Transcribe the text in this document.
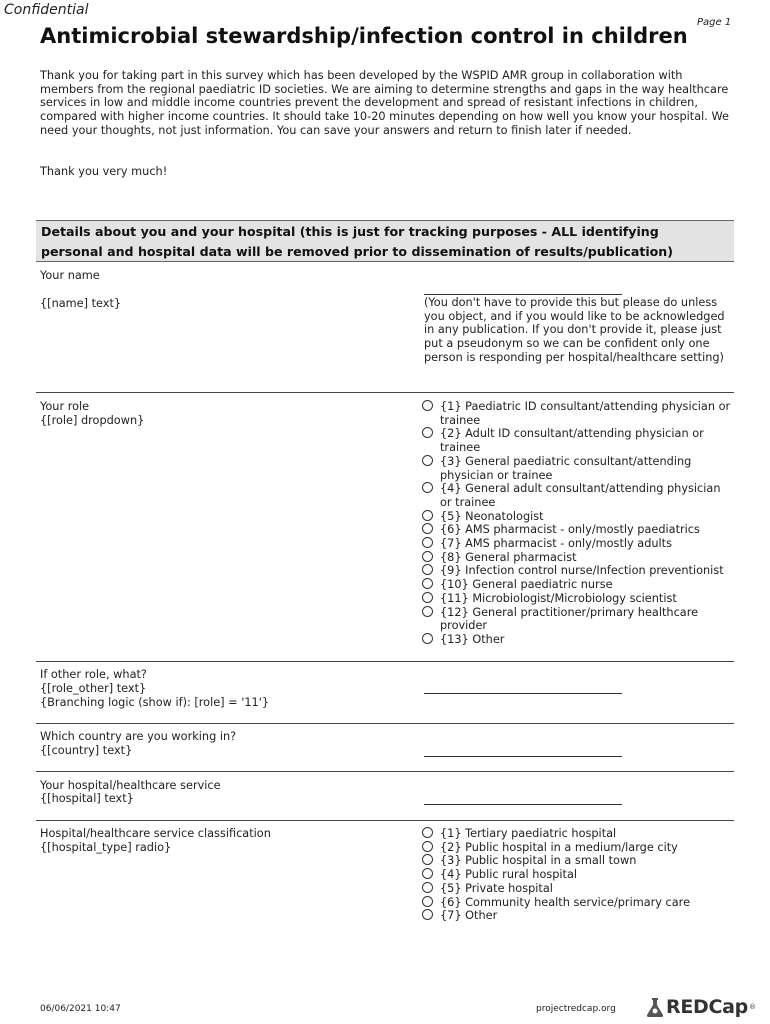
Confidential
Page 1
Antimicrobial stewardship/infection control in children
Thank you for taking part in this survey which has been developed by the WSPID AMR group in collaboration with members from the regional paediatric ID societies. We are aiming to determine strengths and gaps in the way healthcare services in low and middle income countries prevent the development and spread of resistant infections in children, compared with higher income countries. It should take 10-20 minutes depending on how well you know your hospital. We need your thoughts, not just information. You can save your answers and return to finish later if needed.
Thank you very much!
Details about you and your hospital (this is just for tracking purposes - ALL identifying
personal and hospital data will be removed prior to dissemination of results/publication)
Your name
{[name] text}	(You don't have to provide this but please do unless you object, and if you would like to be acknowledged in any publication. If you don't provide it, please just put a pseudonym so we can be confident only one person is responding per hospital/healthcare setting)
Your role
{[role] dropdown}
{1} Paediatric ID consultant/attending physician or trainee
{2} Adult ID consultant/attending physician or trainee
{3} General paediatric consultant/attending physician or trainee
{4} General adult consultant/attending physician or trainee
{5} Neonatologist
{6} AMS pharmacist - only/mostly paediatrics
{7} AMS pharmacist - only/mostly adults
{8} General pharmacist
{9} Infection control nurse/Infection preventionist
{10} General paediatric nurse
{11} Microbiologist/Microbiology scientist
{12} General practitioner/primary healthcare provider
{13} Other
If other role, what?
{[role_other] text}
{Branching logic (show if): [role] = '11'}
Which country are you working in?
{[country] text}
Your hospital/healthcare service
{[hospital] text}
Hospital/healthcare service classification
{[hospital_type] radio}
{1} Tertiary paediatric hospital
{2} Public hospital in a medium/large city
{3} Public hospital in a small town
{4} Public rural hospital
{5} Private hospital
{6} Community health service/primary care
{7} Other
06/06/2021 10:47	projectredcap.org	REDCap ®
